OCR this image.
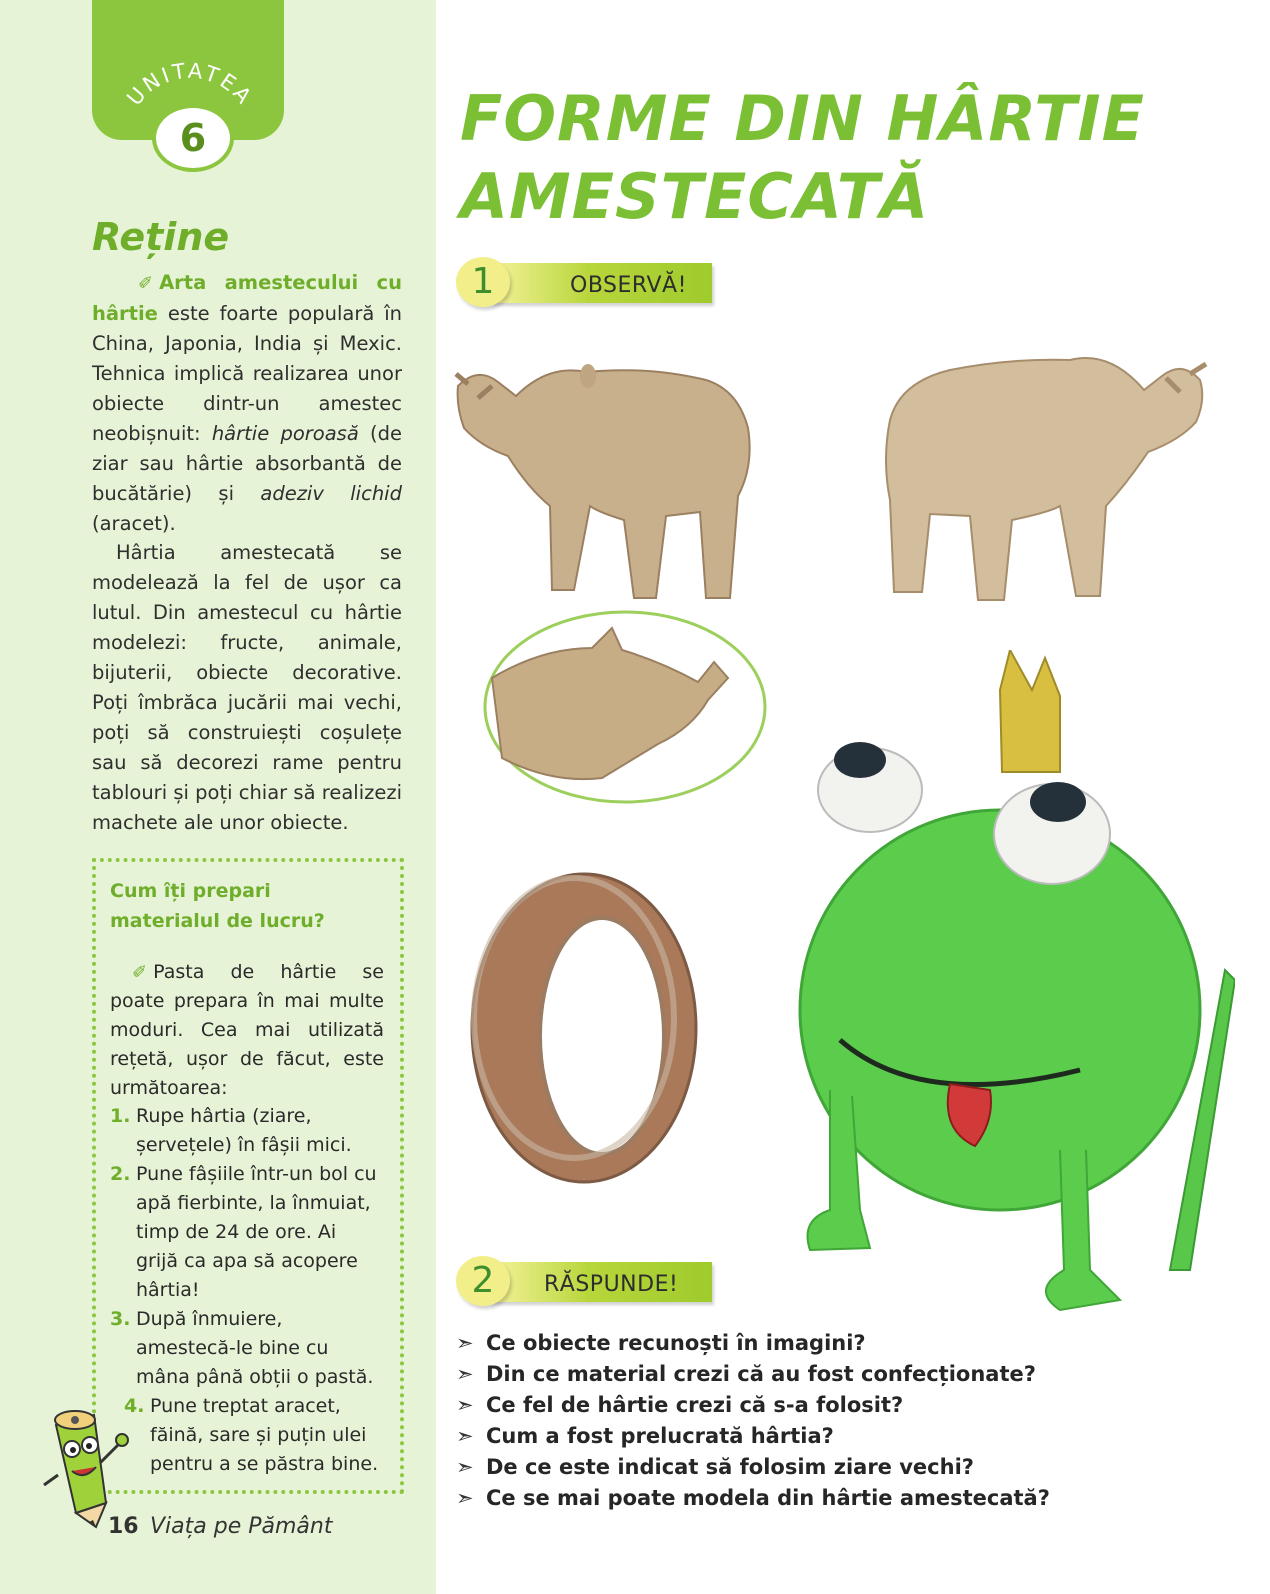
UNITATEA
6
Reține
✐ Arta amestecului cu hârtie este foarte populară în China, Japonia, India și Mexic. Tehnica implică realizarea unor obiecte dintr-un amestec neobișnuit: hârtie poroasă (de ziar sau hârtie absorbantă de bucătărie) și adeziv lichid (aracet).
Hârtia amestecată se modelează la fel de ușor ca lutul. Din amestecul cu hârtie modelezi: fructe, animale, bijuterii, obiecte decorative. Poți îmbrăca jucării mai vechi, poți să construiești coșulețe sau să decorezi rame pentru tablouri și poți chiar să realizezi machete ale unor obiecte.
Cum îți prepari materialul de lucru?
✐ Pasta de hârtie se poate prepara în mai multe moduri. Cea mai utilizată rețetă, ușor de făcut, este următoarea:
1. Rupe hârtia (ziare, șervețele) în fâșii mici.
2. Pune fâșiile într-un bol cu apă fierbinte, la înmuiat, timp de 24 de ore. Ai grijă ca apa să acopere hârtia!
3. După înmuiere, amestecă-le bine cu mâna până obții o pastă.
4. Pune treptat aracet, făină, sare și puțin ulei pentru a se păstra bine.
16 Viața pe Pământ
FORME DIN HÂRTIE
AMESTECATĂ
1	OBSERVĂ!
2	RĂSPUNDE!
➣ Ce obiecte recunoști în imagini?
➣ Din ce material crezi că au fost confecționate?
➣ Ce fel de hârtie crezi că s-a folosit?
➣ Cum a fost prelucrată hârtia?
➣ De ce este indicat să folosim ziare vechi?
➣ Ce se mai poate modela din hârtie amestecată?
